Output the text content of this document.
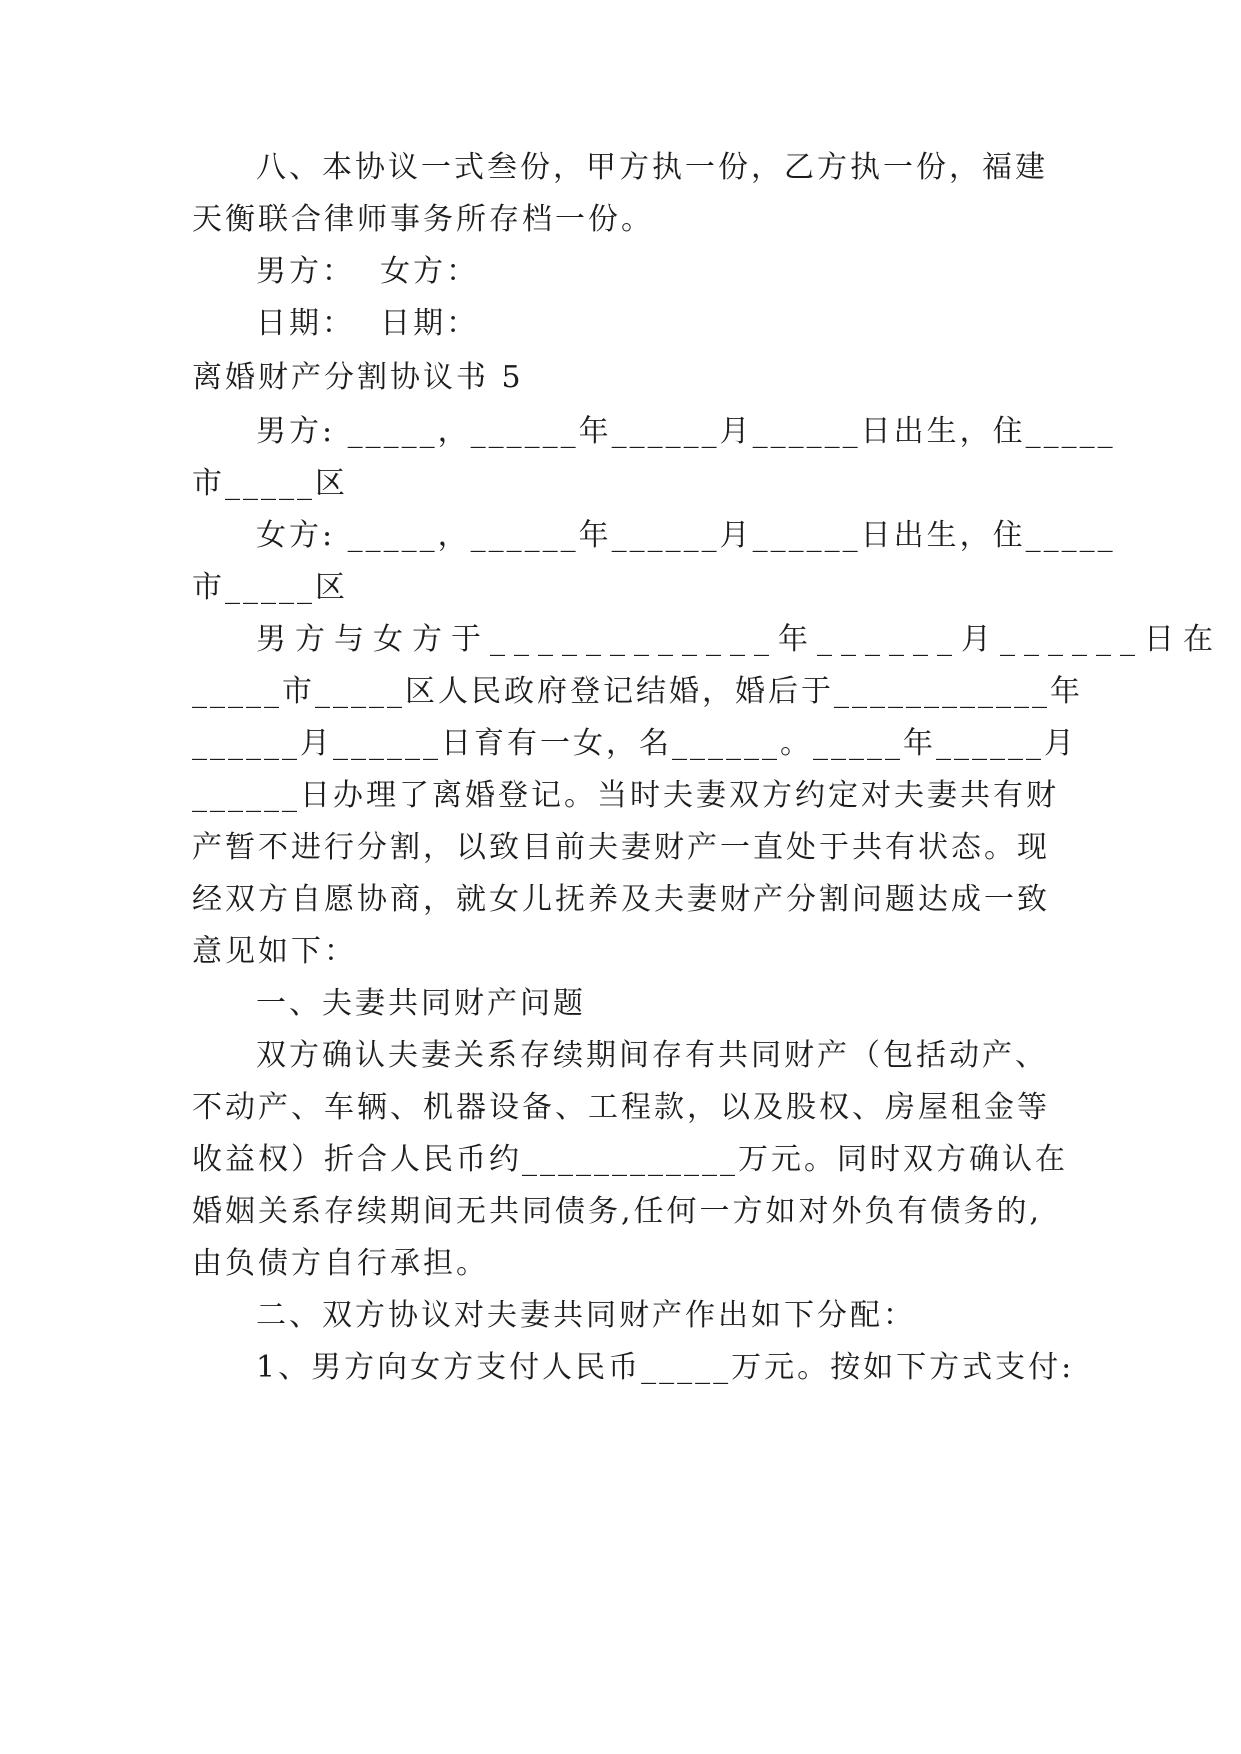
八、本协议一式叁份，甲方执一份，乙方执一份，福建
天衡联合律师事务所存档一份。
男方：  女方：
日期：  日期：
离婚财产分割协议书 5
男方: _____，______年______月______日出生，住_____
市_____区
女方: _____，______年______月______日出生，住_____
市_____区
男方与女方于____________年______月______日在
_____市_____区人民政府登记结婚，婚后于____________年
______月______日育有一女，名______。_____年______月
______日办理了离婚登记。当时夫妻双方约定对夫妻共有财
产暂不进行分割，以致目前夫妻财产一直处于共有状态。现
经双方自愿协商，就女儿抚养及夫妻财产分割问题达成一致
意见如下：
一、夫妻共同财产问题
双方确认夫妻关系存续期间存有共同财产（包括动产、
不动产、车辆、机器设备、工程款，以及股权、房屋租金等
收益权）折合人民币约____________万元。同时双方确认在
婚姻关系存续期间无共同债务,任何一方如对外负有债务的,
由负债方自行承担。
二、双方协议对夫妻共同财产作出如下分配：
1、男方向女方支付人民币_____万元。按如下方式支付:
